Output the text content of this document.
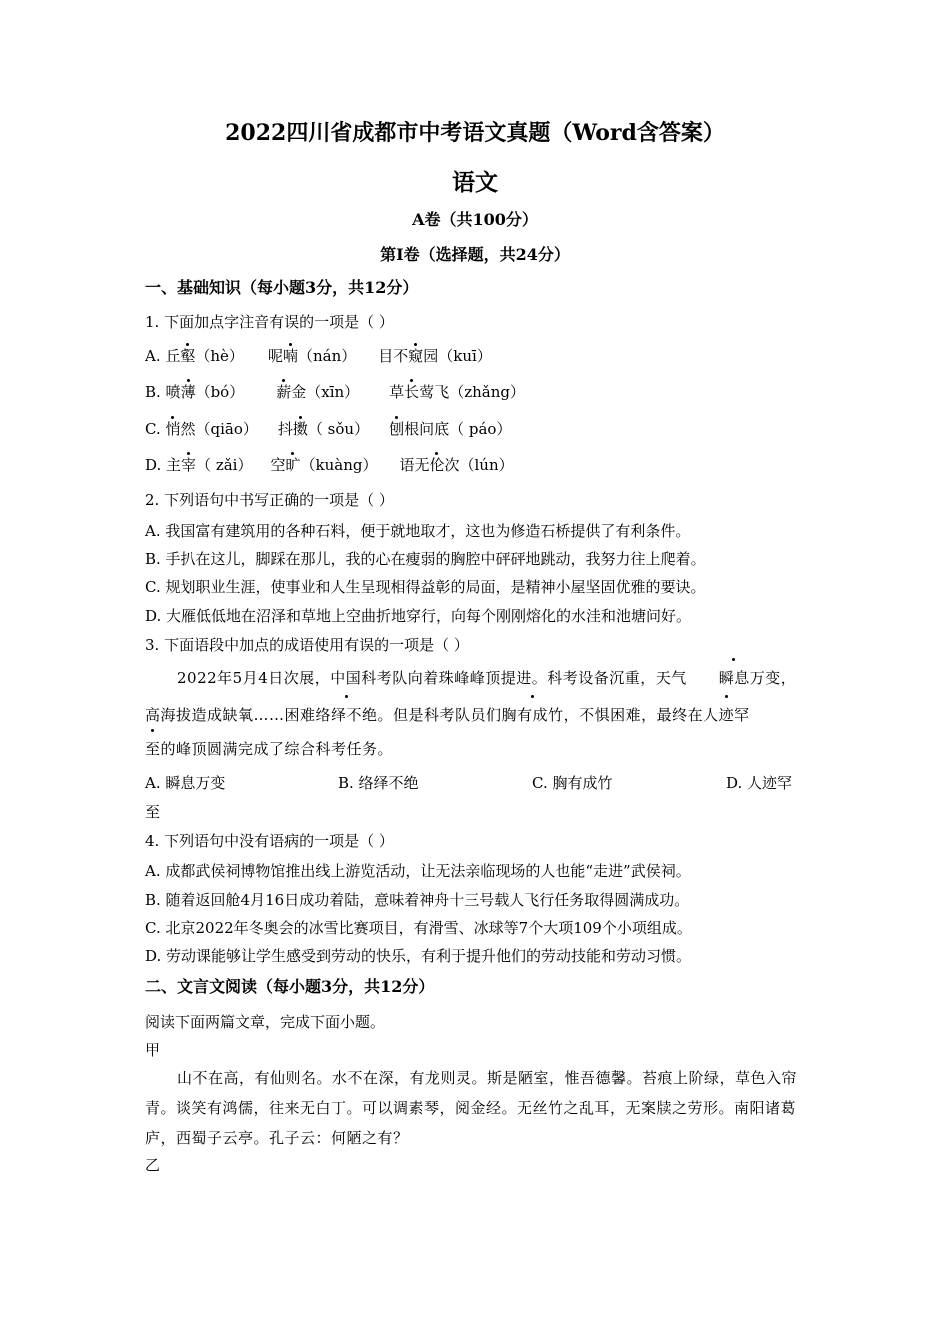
2022四川省成都市中考语文真题（Word含答案）
语文
A卷（共100分）
第Ⅰ卷（选择题，共24分）
一、基础知识（每小题3分，共12分）
1. 下面加点字注音有误的一项是（ ）
A. 丘壑（hè） 呢喃（nán） 目不窥园（kuī）
B. 喷薄（bó） 薪金（xīn） 草长莺飞（zhǎng）
C. 悄然（qiāo） 抖擞（ sǒu） 刨根问底（ páo）
D. 主宰（ zǎi） 空旷（kuàng） 语无伦次（lún）
2. 下列语句中书写正确的一项是（ ）
A. 我国富有建筑用的各种石料，便于就地取才，这也为修造石桥提供了有利条件。
B. 手扒在这儿，脚踩在那儿，我的心在瘦弱的胸腔中砰砰地跳动，我努力往上爬着。
C. 规划职业生涯，使事业和人生呈现相得益彰的局面，是精神小屋坚固优雅的要诀。
D. 大雁低低地在沼泽和草地上空曲折地穿行，向每个刚刚熔化的水洼和池塘问好。
3. 下面语段中加点的成语使用有误的一项是（ ）
2022年5月4日次展，中国科考队向着珠峰峰顶提进。科考设备沉重，天气 瞬息万变，
高海拔造成缺氧……困难络绎不绝。但是科考队员们胸有成竹，不惧困难，最终在人迹罕
至的峰顶圆满完成了综合科考任务。
A. 瞬息万变	B. 络绎不绝	C. 胸有成竹	D. 人迹罕
至
4. 下列语句中没有语病的一项是（ ）
A. 成都武侯祠博物馆推出线上游览活动，让无法亲临现场的人也能“走进”武侯祠。
B. 随着返回舱4月16日成功着陆，意味着神舟十三号载人飞行任务取得圆满成功。
C. 北京2022年冬奥会的冰雪比赛项目，有滑雪、冰球等7个大项109个小项组成。
D. 劳动课能够让学生感受到劳动的快乐，有利于提升他们的劳动技能和劳动习惯。
二、文言文阅读（每小题3分，共12分）
阅读下面两篇文章，完成下面小题。
甲
山不在高，有仙则名。水不在深，有龙则灵。斯是陋室，惟吾德馨。苔痕上阶绿，草色入帘青。谈笑有鸿儒，往来无白丁。可以调素琴，阅金经。无丝竹之乱耳，无案牍之劳形。南阳诸葛庐，西蜀子云亭。孔子云：何陋之有？
乙
